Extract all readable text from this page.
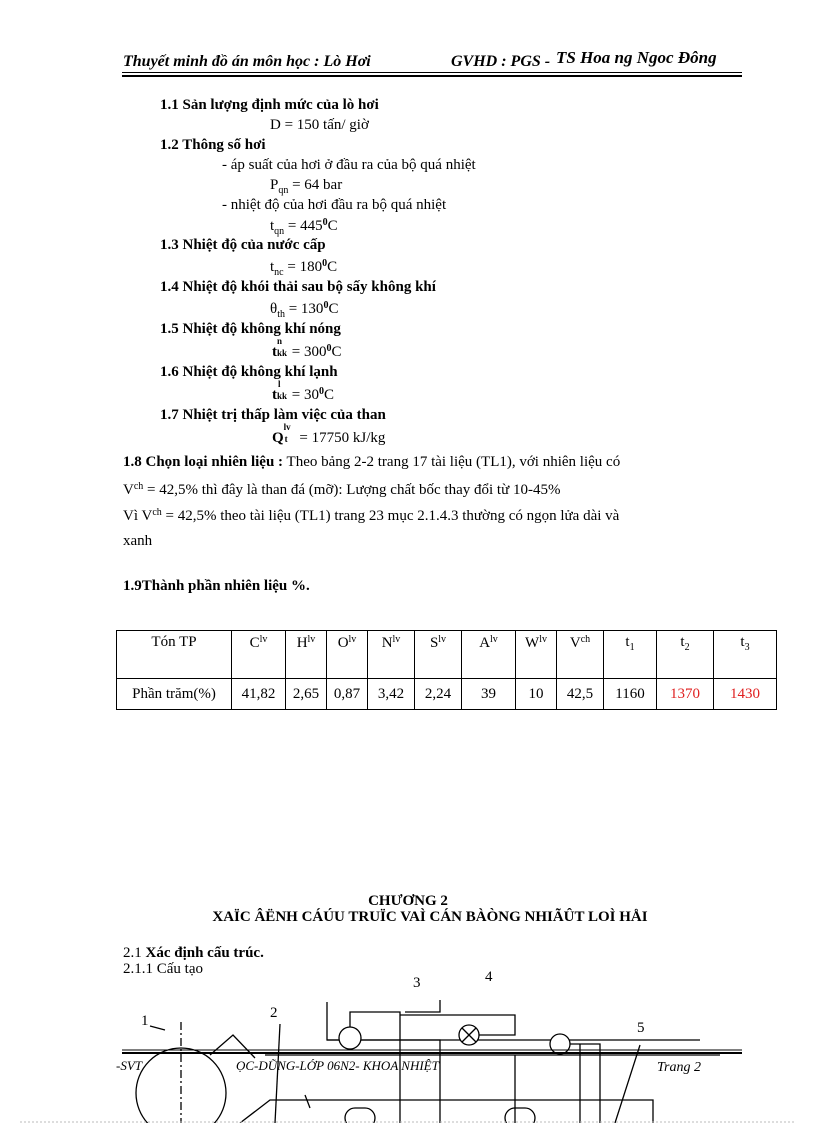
Thuyết minh đồ án môn học : Lò Hơi	GVHD : PGS - TS Hoa ng Ngoc Đông
1.1 Sản lượng định mức của lò hơi
D = 150 tấn/ giờ
1.2 Thông số hơi
- áp suất của hơi ở đầu ra của bộ quá nhiệt
$P_{qn} = 64$ bar
- nhiệt độ của hơi đầu ra bộ quá nhiệt
$t_{qn} = 445^0C$
1.3 Nhiệt độ của nước cấp
$t_{nc} = 180^0C$
1.4 Nhiệt độ khói thải sau bộ sấy không khí
$\theta_{th} = 130^0C$
1.5 Nhiệt độ không khí nóng
t
n
kk = $300^0C$
1.6 Nhiệt độ không khí lạnh
t
l
kk = $30^0C$
1.7 Nhiệt trị thấp làm việc của than
Q
lv
t = 17750 kJ/kg
1.8 Chọn loại nhiên liệu : Theo bảng 2-2 trang 17 tài liệu (TL1), với nhiên liệu có
$V^{ch} = 42,5\%$ thì đây là than đá (mỡ): Lượng chất bốc thay đổi từ 10-45%
Vì $V^{ch} = 42,5\%$ theo tài liệu (TL1) trang 23 mục 2.1.4.3 thường có ngọn lửa dài và
xanh
1.9Thành phần nhiên liệu %.
Tón TP	$C^{lv}$	$H^{lv}$	$O^{lv}$	$N^{lv}$	$S^{lv}$	$A^{lv}$	$W^{lv}$	$V^{ch}$	$t_1$	$t_2$	$t_3$
Phần trăm(%)	41,82	2,65	0,87	3,42	2,24	39	10	42,5	1160	1370	1430
CHƯƠNG 2
XAÏC ÂËNH CÁÚU TRUÏC VAÌ CÁN BÀÒNG NHIÃÛT LOÌ HÅI
2.1 Xác định cấu trúc.
2.1.1 Cấu tạo
1	2
3	4
5
-SVT	ỌC-DŨNG-LỚP 06N2- KHOA NHIỆT	Trang 2
